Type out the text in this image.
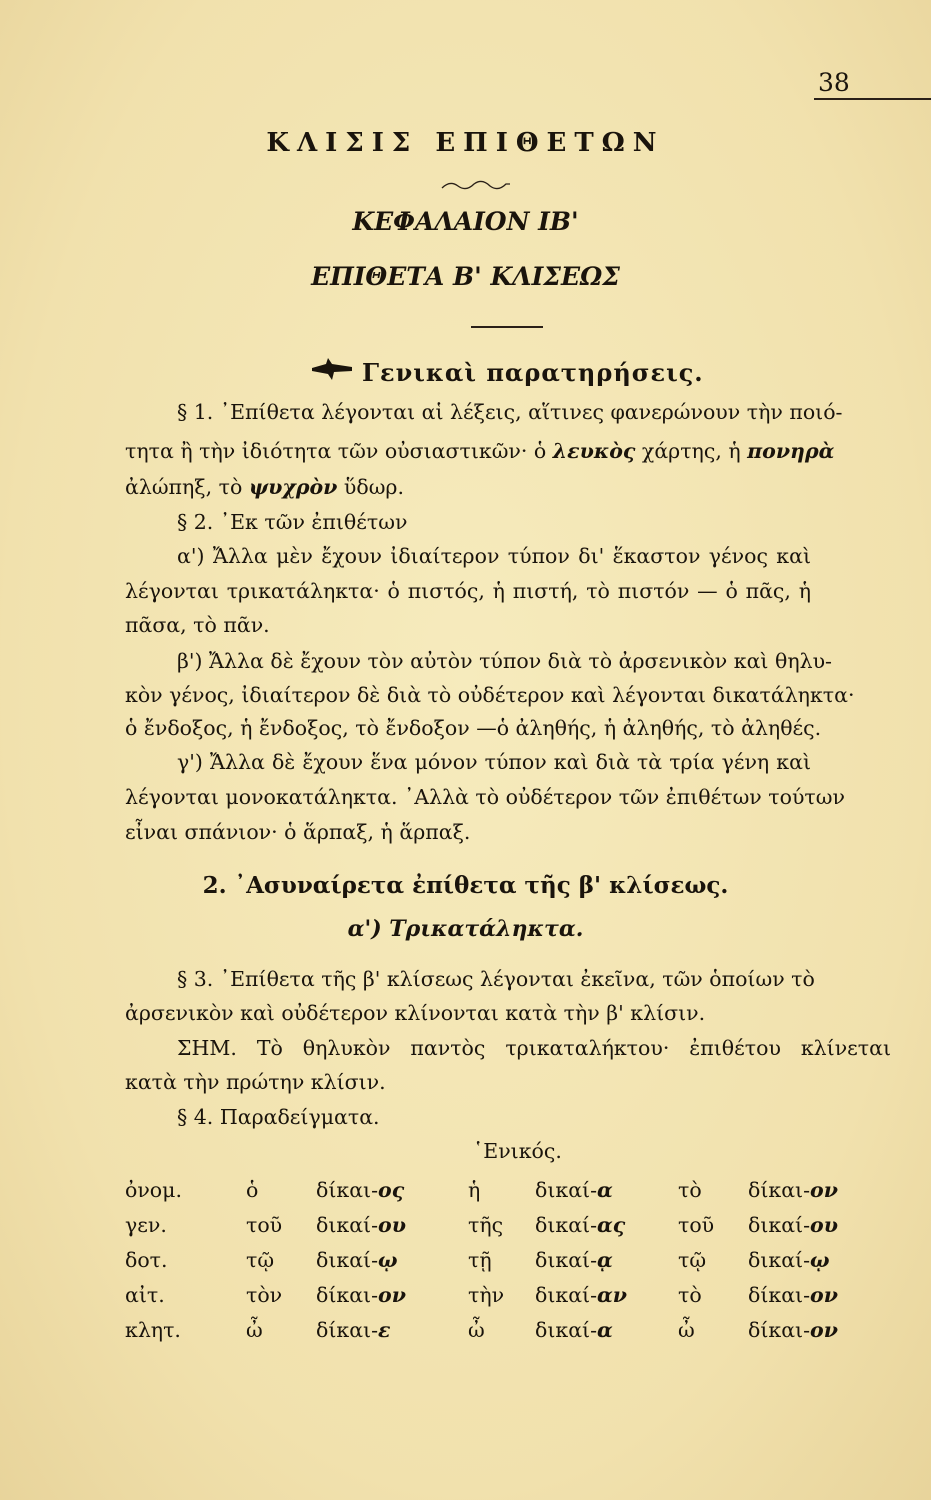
38
ΚΛΙΣΙΣ ΕΠΙΘΕΤΩΝ
ΚΕΦΑΛΑΙΟΝ ΙΒ'
ΕΠΙΘΕΤΑ Β' ΚΛΙΣΕΩΣ
Γενικαὶ παρατηρήσεις.
§ 1. ᾿Επίθετα λέγονται αἱ λέξεις, αἵτινες φανερώνουν τὴν ποιό-
τητα ἢ τὴν ἰδιότητα τῶν οὐσιαστικῶν· ὁ λευκὸς χάρτης, ἡ πονηρὰ
ἀλώπηξ, τὸ ψυχρὸν ὕδωρ.
§ 2. ᾿Εκ τῶν ἐπιθέτων
α') Ἄλλα μὲν ἔχουν ἰδιαίτερον τύπον δι' ἕκαστον γένος καὶ
λέγονται τρικατάληκτα· ὁ πιστός, ἡ πιστή, τὸ πιστόν — ὁ πᾶς, ἡ
πᾶσα, τὸ πᾶν.
β') Ἄλλα δὲ ἔχουν τὸν αὐτὸν τύπον διὰ τὸ ἀρσενικὸν καὶ θηλυ-
κὸν γένος, ἰδιαίτερον δὲ διὰ τὸ οὐδέτερον καὶ λέγονται δικατάληκτα·
ὁ ἔνδοξος, ἡ ἔνδοξος, τὸ ἔνδοξον —ὁ ἀληθής, ἡ ἀληθής, τὸ ἀληθές.
γ') Ἄλλα δὲ ἔχουν ἕνα μόνον τύπον καὶ διὰ τὰ τρία γένη καὶ
λέγονται μονοκατάληκτα. ᾿Αλλὰ τὸ οὐδέτερον τῶν ἐπιθέτων τούτων
εἶναι σπάνιον· ὁ ἅρπαξ, ἡ ἅρπαξ.
2. ᾿Ασυναίρετα ἐπίθετα τῆς β' κλίσεως.
α') Τρικατάληκτα.
§ 3. ᾿Επίθετα τῆς β' κλίσεως λέγονται ἐκεῖνα, τῶν ὁποίων τὸ
ἀρσενικὸν καὶ οὐδέτερον κλίνονται κατὰ τὴν β' κλίσιν.
ΣΗΜ. Τὸ θηλυκὸν παντὸς τρικαταλήκτου· ἐπιθέτου κλίνεται
κατὰ τὴν πρώτην κλίσιν.
§ 4. Παραδείγματα.
῾Ενικός.
ὀνομ.	ὁ	δίκαι-ος	ἡ	δικαί-α	τὸ δίκαι-ον
γεν.	τοῦ δικαί-ου	τῆς δικαί-ας	τοῦ δικαί-ου
δοτ.	τῷ δικαί-ῳ	τῇ δικαί-ᾳ	τῷ δικαί-ῳ
αἰτ.	τὸν δίκαι-ον	τὴν δικαί-αν τὸ δίκαι-ον
κλητ.	ὦ	δίκαι-ε	ὦ δικαί-α	ὦ	δίκαι-ον
